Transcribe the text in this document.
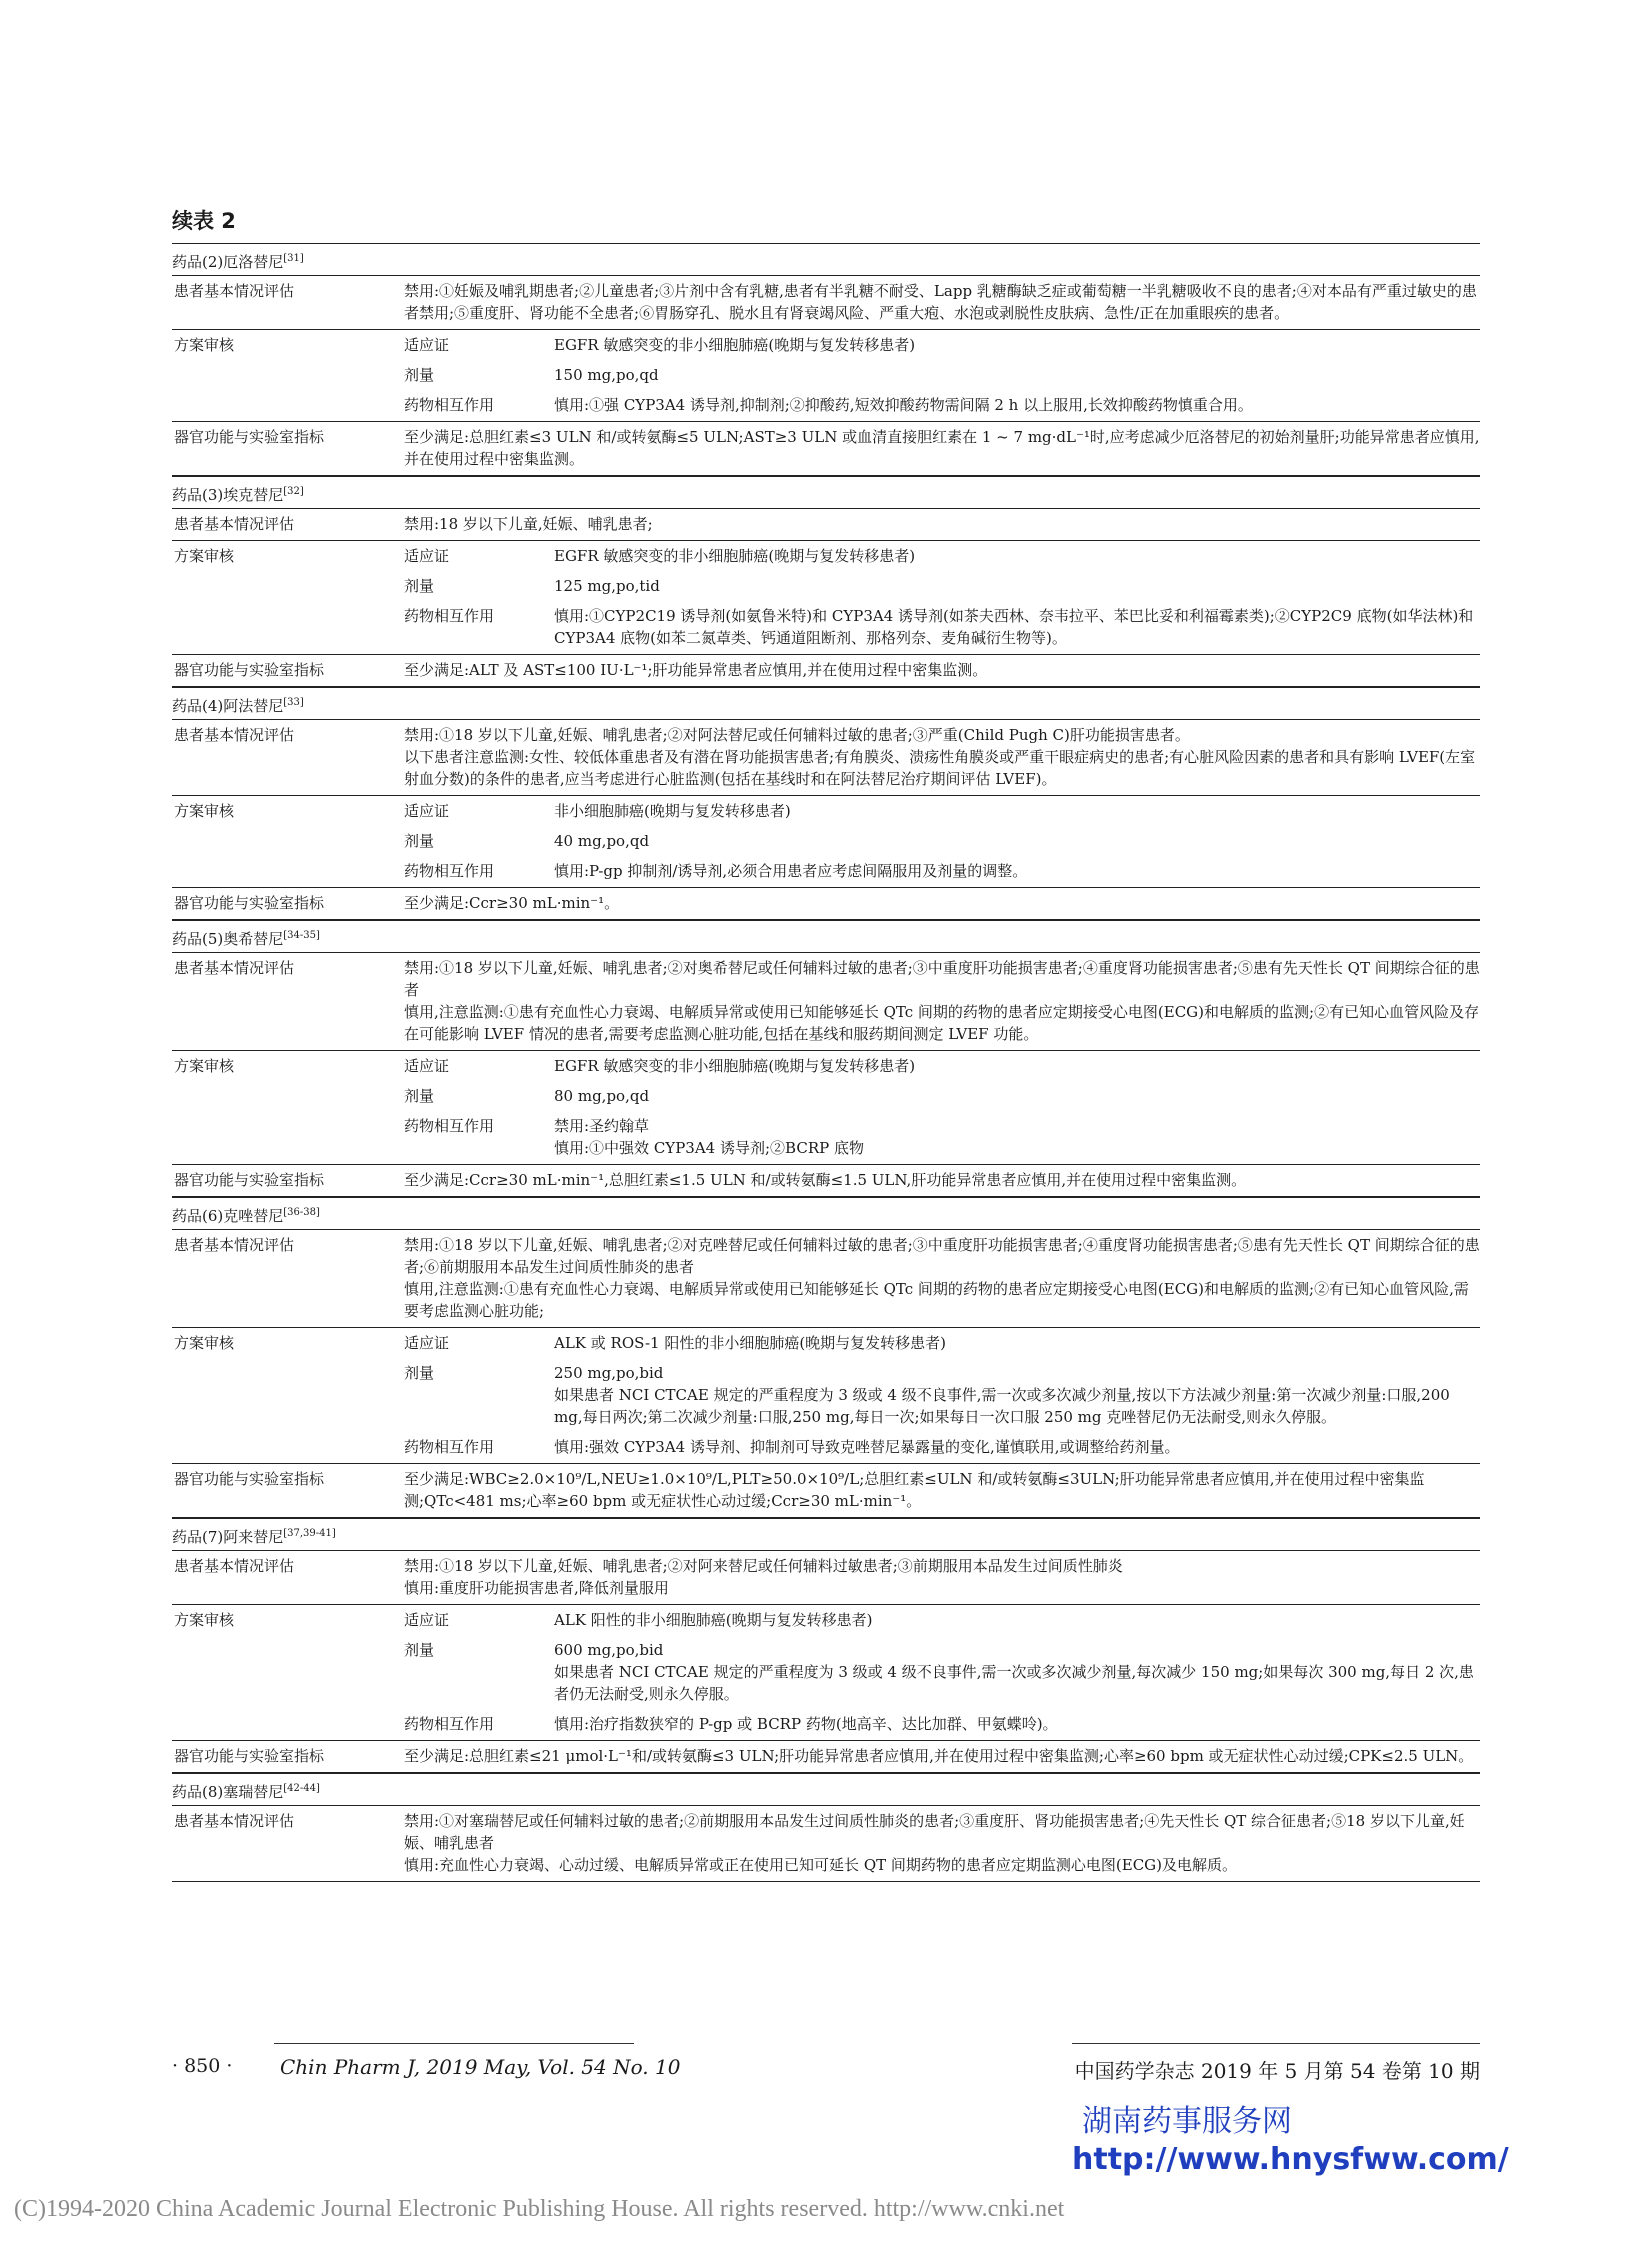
续表 2
药品(2)厄洛替尼[31]
患者基本情况评估	禁用:①妊娠及哺乳期患者;②儿童患者;③片剂中含有乳糖,患者有半乳糖不耐受、Lapp 乳糖酶缺乏症或葡萄糖一半乳糖吸收不良的患者;④对本品有严重过敏史的患者禁用;⑤重度肝、肾功能不全患者;⑥胃肠穿孔、脱水且有肾衰竭风险、严重大疱、水泡或剥脱性皮肤病、急性/正在加重眼疾的患者。
方案审核	适应证	EGFR 敏感突变的非小细胞肺癌(晚期与复发转移患者)
剂量	150 mg,po,qd
药物相互作用	慎用:①强 CYP3A4 诱导剂,抑制剂;②抑酸药,短效抑酸药物需间隔 2 h 以上服用,长效抑酸药物慎重合用。
器官功能与实验室指标	至少满足:总胆红素≤3 ULN 和/或转氨酶≤5 ULN;AST≥3 ULN 或血清直接胆红素在 1 ~ 7 mg·dL⁻¹时,应考虑减少厄洛替尼的初始剂量肝;功能异常患者应慎用,并在使用过程中密集监测。
药品(3)埃克替尼[32]
患者基本情况评估	禁用:18 岁以下儿童,妊娠、哺乳患者;
方案审核	适应证	EGFR 敏感突变的非小细胞肺癌(晚期与复发转移患者)
剂量	125 mg,po,tid
药物相互作用	慎用:①CYP2C19 诱导剂(如氨鲁米特)和 CYP3A4 诱导剂(如茶夫西林、奈韦拉平、苯巴比妥和利福霉素类);②CYP2C9 底物(如华法林)和 CYP3A4 底物(如苯二氮䓬类、钙通道阻断剂、那格列奈、麦角碱衍生物等)。
器官功能与实验室指标	至少满足:ALT 及 AST≤100 IU·L⁻¹;肝功能异常患者应慎用,并在使用过程中密集监测。
药品(4)阿法替尼[33]
患者基本情况评估	禁用:①18 岁以下儿童,妊娠、哺乳患者;②对阿法替尼或任何辅料过敏的患者;③严重(Child Pugh C)肝功能损害患者。
以下患者注意监测:女性、较低体重患者及有潜在肾功能损害患者;有角膜炎、溃疡性角膜炎或严重干眼症病史的患者;有心脏风险因素的患者和具有影响 LVEF(左室射血分数)的条件的患者,应当考虑进行心脏监测(包括在基线时和在阿法替尼治疗期间评估 LVEF)。
方案审核	适应证	非小细胞肺癌(晚期与复发转移患者)
剂量	40 mg,po,qd
药物相互作用	慎用:P-gp 抑制剂/诱导剂,必须合用患者应考虑间隔服用及剂量的调整。
器官功能与实验室指标	至少满足:Ccr≥30 mL·min⁻¹。
药品(5)奥希替尼[34-35]
患者基本情况评估	禁用:①18 岁以下儿童,妊娠、哺乳患者;②对奥希替尼或任何辅料过敏的患者;③中重度肝功能损害患者;④重度肾功能损害患者;⑤患有先天性长 QT 间期综合征的患者
慎用,注意监测:①患有充血性心力衰竭、电解质异常或使用已知能够延长 QTc 间期的药物的患者应定期接受心电图(ECG)和电解质的监测;②有已知心血管风险及存在可能影响 LVEF 情况的患者,需要考虑监测心脏功能,包括在基线和服药期间测定 LVEF 功能。
方案审核	适应证	EGFR 敏感突变的非小细胞肺癌(晚期与复发转移患者)
剂量	80 mg,po,qd
药物相互作用	禁用:圣约翰草
慎用:①中强效 CYP3A4 诱导剂;②BCRP 底物
器官功能与实验室指标	至少满足:Ccr≥30 mL·min⁻¹,总胆红素≤1.5 ULN 和/或转氨酶≤1.5 ULN,肝功能异常患者应慎用,并在使用过程中密集监测。
药品(6)克唑替尼[36-38]
患者基本情况评估	禁用:①18 岁以下儿童,妊娠、哺乳患者;②对克唑替尼或任何辅料过敏的患者;③中重度肝功能损害患者;④重度肾功能损害患者;⑤患有先天性长 QT 间期综合征的患者;⑥前期服用本品发生过间质性肺炎的患者
慎用,注意监测:①患有充血性心力衰竭、电解质异常或使用已知能够延长 QTc 间期的药物的患者应定期接受心电图(ECG)和电解质的监测;②有已知心血管风险,需要考虑监测心脏功能;
方案审核	适应证	ALK 或 ROS-1 阳性的非小细胞肺癌(晚期与复发转移患者)
剂量	250 mg,po,bid
如果患者 NCI CTCAE 规定的严重程度为 3 级或 4 级不良事件,需一次或多次减少剂量,按以下方法减少剂量:第一次减少剂量:口服,200 mg,每日两次;第二次减少剂量:口服,250 mg,每日一次;如果每日一次口服 250 mg 克唑替尼仍无法耐受,则永久停服。
药物相互作用	慎用:强效 CYP3A4 诱导剂、抑制剂可导致克唑替尼暴露量的变化,谨慎联用,或调整给药剂量。
器官功能与实验室指标	至少满足:WBC≥2.0×10⁹/L,NEU≥1.0×10⁹/L,PLT≥50.0×10⁹/L;总胆红素≤ULN 和/或转氨酶≤3ULN;肝功能异常患者应慎用,并在使用过程中密集监测;QTc<481 ms;心率≥60 bpm 或无症状性心动过缓;Ccr≥30 mL·min⁻¹。
药品(7)阿来替尼[37,39-41]
患者基本情况评估	禁用:①18 岁以下儿童,妊娠、哺乳患者;②对阿来替尼或任何辅料过敏患者;③前期服用本品发生过间质性肺炎
慎用:重度肝功能损害患者,降低剂量服用
方案审核	适应证	ALK 阳性的非小细胞肺癌(晚期与复发转移患者)
剂量	600 mg,po,bid
如果患者 NCI CTCAE 规定的严重程度为 3 级或 4 级不良事件,需一次或多次减少剂量,每次减少 150 mg;如果每次 300 mg,每日 2 次,患者仍无法耐受,则永久停服。
药物相互作用	慎用:治疗指数狭窄的 P-gp 或 BCRP 药物(地高辛、达比加群、甲氨蝶呤)。
器官功能与实验室指标	至少满足:总胆红素≤21 μmol·L⁻¹和/或转氨酶≤3 ULN;肝功能异常患者应慎用,并在使用过程中密集监测;心率≥60 bpm 或无症状性心动过缓;CPK≤2.5 ULN。
药品(8)塞瑞替尼[42-44]
患者基本情况评估	禁用:①对塞瑞替尼或任何辅料过敏的患者;②前期服用本品发生过间质性肺炎的患者;③重度肝、肾功能损害患者;④先天性长 QT 综合征患者;⑤18 岁以下儿童,妊娠、哺乳患者
慎用:充血性心力衰竭、心动过缓、电解质异常或正在使用已知可延长 QT 间期药物的患者应定期监测心电图(ECG)及电解质。
· 850 · Chin Pharm J, 2019 May, Vol. 54 No. 10	中国药学杂志 2019 年 5 月第 54 卷第 10 期
湖南药事服务网
http://www.hnysfww.com/
(C)1994-2020 China Academic Journal Electronic Publishing House. All rights reserved. http://www.cnki.net
